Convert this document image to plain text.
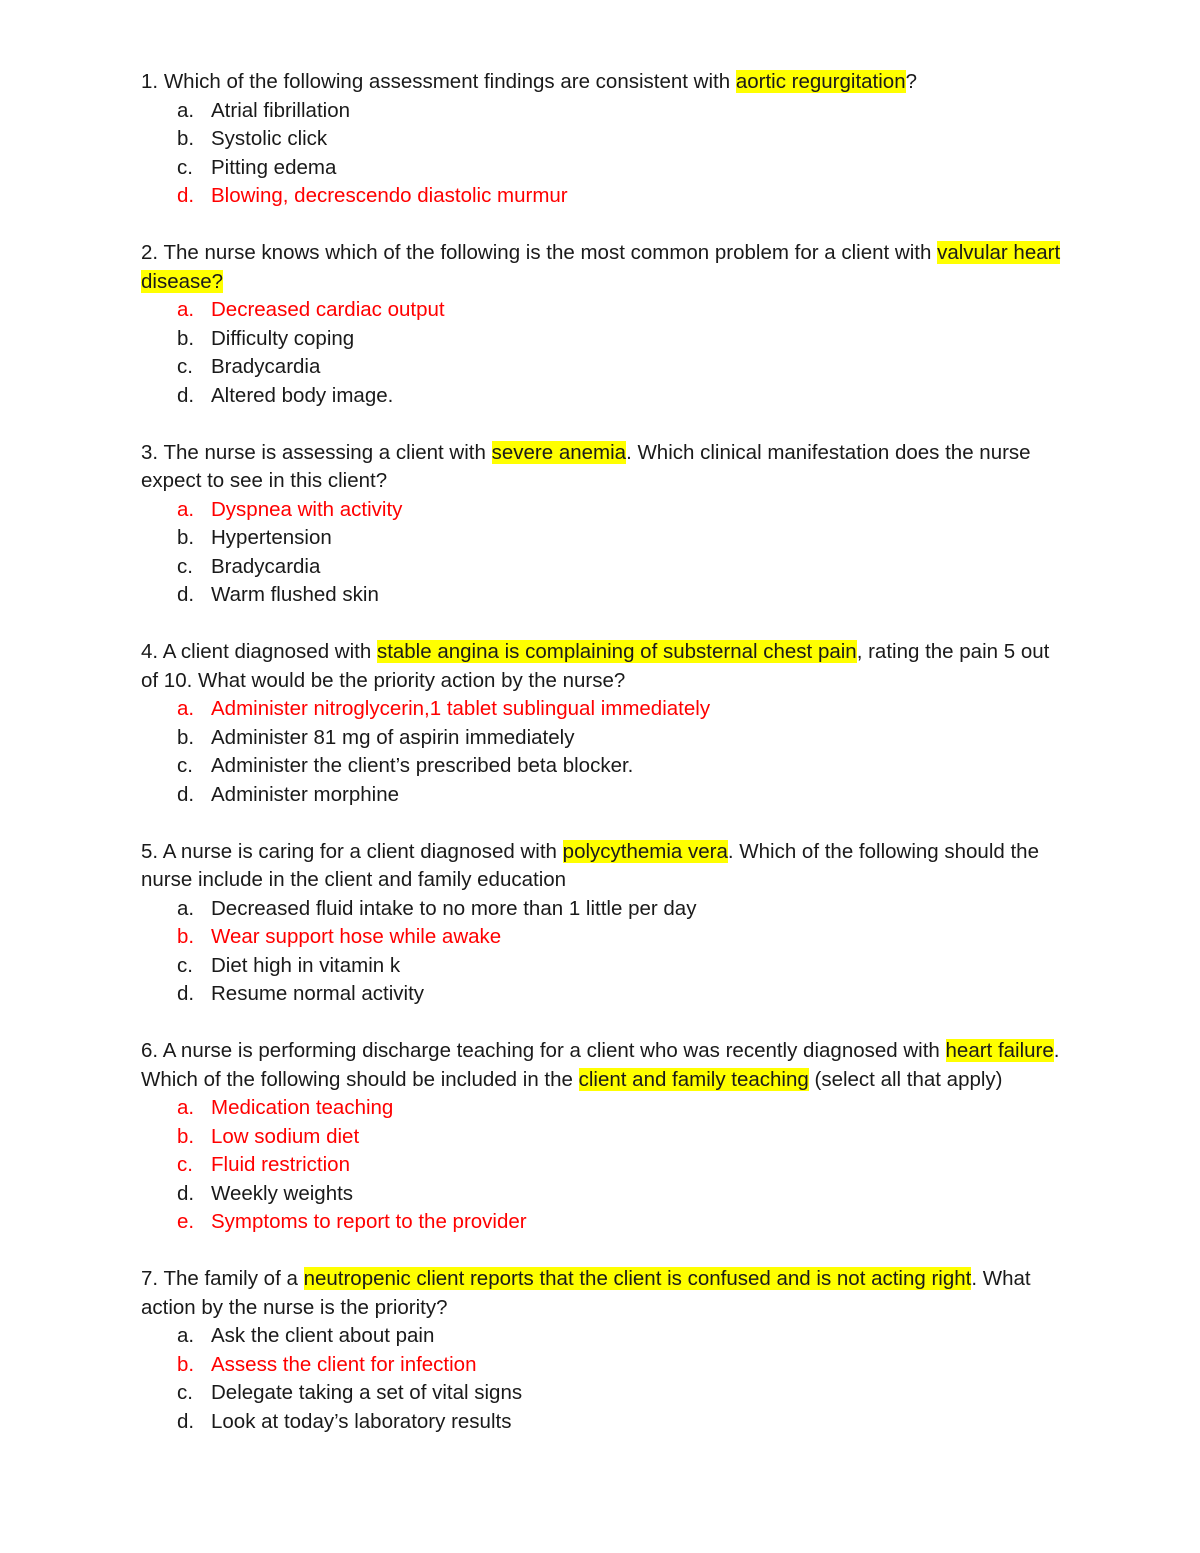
1. Which of the following assessment findings are consistent with aortic regurgitation?

a. Atrial fibrillation
b. Systolic click
c. Pitting edema
d. Blowing, decrescendo diastolic murmur

2. The nurse knows which of the following is the most common problem for a client with valvular heart disease?

a. Decreased cardiac output
b. Difficulty coping
c. Bradycardia
d. Altered body image.

3. The nurse is assessing a client with severe anemia. Which clinical manifestation does the nurse expect to see in this client?

a. Dyspnea with activity
b. Hypertension
c. Bradycardia
d. Warm flushed skin

4. A client diagnosed with stable angina is complaining of substernal chest pain, rating the pain 5 out of 10. What would be the priority action by the nurse?

a. Administer nitroglycerin,1 tablet sublingual immediately
b. Administer 81 mg of aspirin immediately
c. Administer the client’s prescribed beta blocker.
d. Administer morphine

5. A nurse is caring for a client diagnosed with polycythemia vera. Which of the following should the nurse include in the client and family education

a. Decreased fluid intake to no more than 1 little per day
b. Wear support hose while awake
c. Diet high in vitamin k
d. Resume normal activity

6. A nurse is performing discharge teaching for a client who was recently diagnosed with heart failure. Which of the following should be included in the client and family teaching (select all that apply)

a. Medication teaching
b. Low sodium diet
c. Fluid restriction
d. Weekly weights
e. Symptoms to report to the provider

7. The family of a neutropenic client reports that the client is confused and is not acting right. What action by the nurse is the priority?

a. Ask the client about pain
b. Assess the client for infection
c. Delegate taking a set of vital signs
d. Look at today’s laboratory results
